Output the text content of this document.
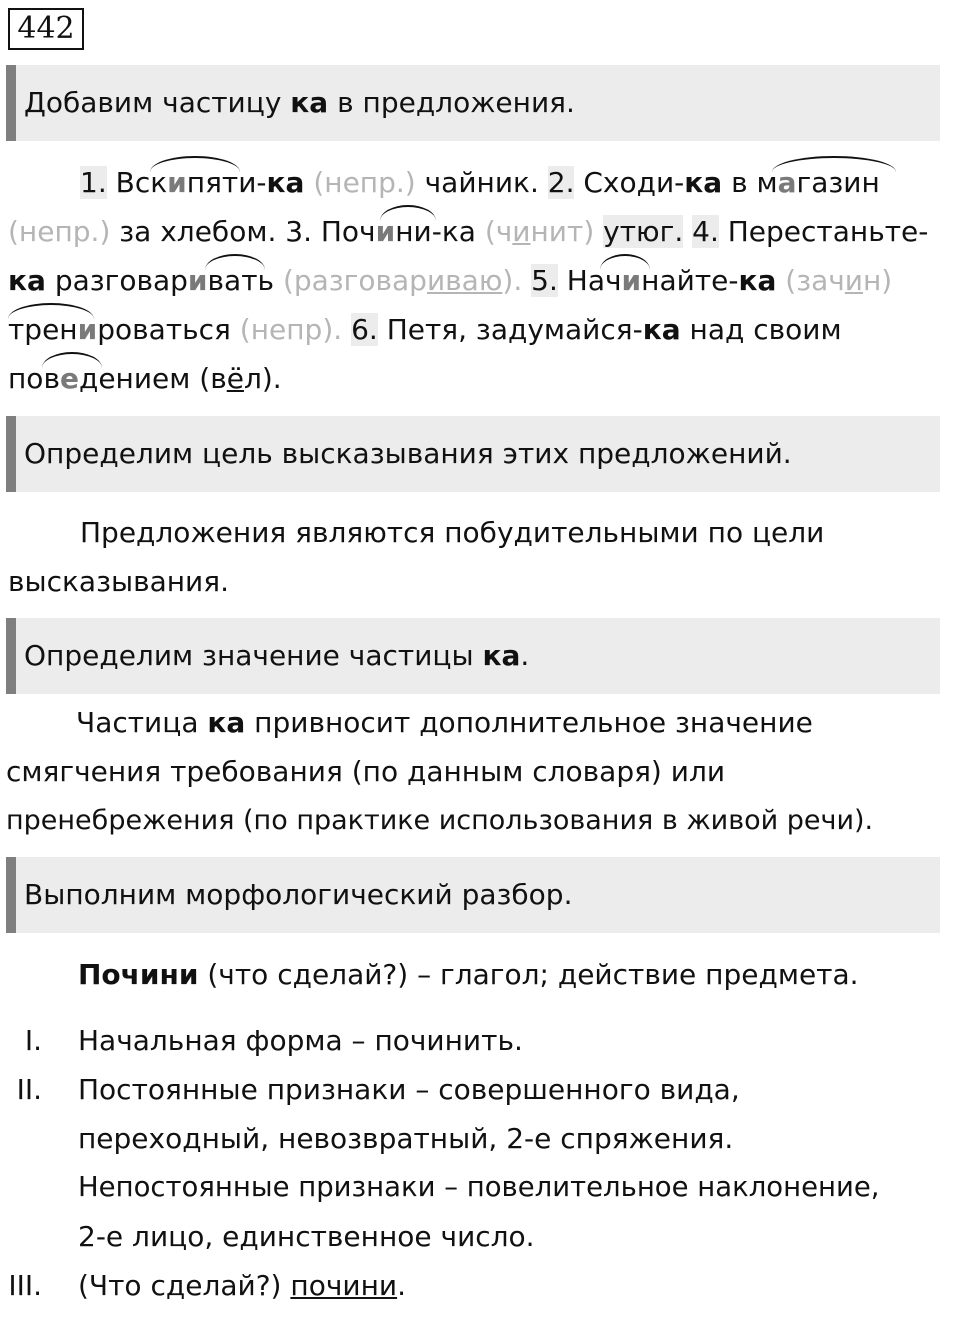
442
Добавим частицу ка в предложения.
1. Вскипяти-ка (непр.) чайник. 2. Сходи-ка в магазин
(непр.) за хлебом. 3. Почини-ка (чинит) утюг. 4. Перестаньте-
ка разговаривать (разговариваю). 5. Начинайте-ка (зачин)
тренироваться (непр). 6. Петя, задумайся-ка над своим
поведением (вёл).
Определим цель высказывания этих предложений.
Предложения являются побудительными по цели
высказывания.
Определим значение частицы ка.
Частица ка привносит дополнительное значение
смягчения требования (по данным словаря) или
пренебрежения (по практике использования в живой речи).
Выполним морфологический разбор.
Почини (что сделай?) – глагол; действие предмета.
I. Начальная форма – починить.
II. Постоянные признаки – совершенного вида,
переходный, невозвратный, 2-е спряжения.
Непостоянные признаки – повелительное наклонение,
2-е лицо, единственное число.
III. (Что сделай?) почини.
